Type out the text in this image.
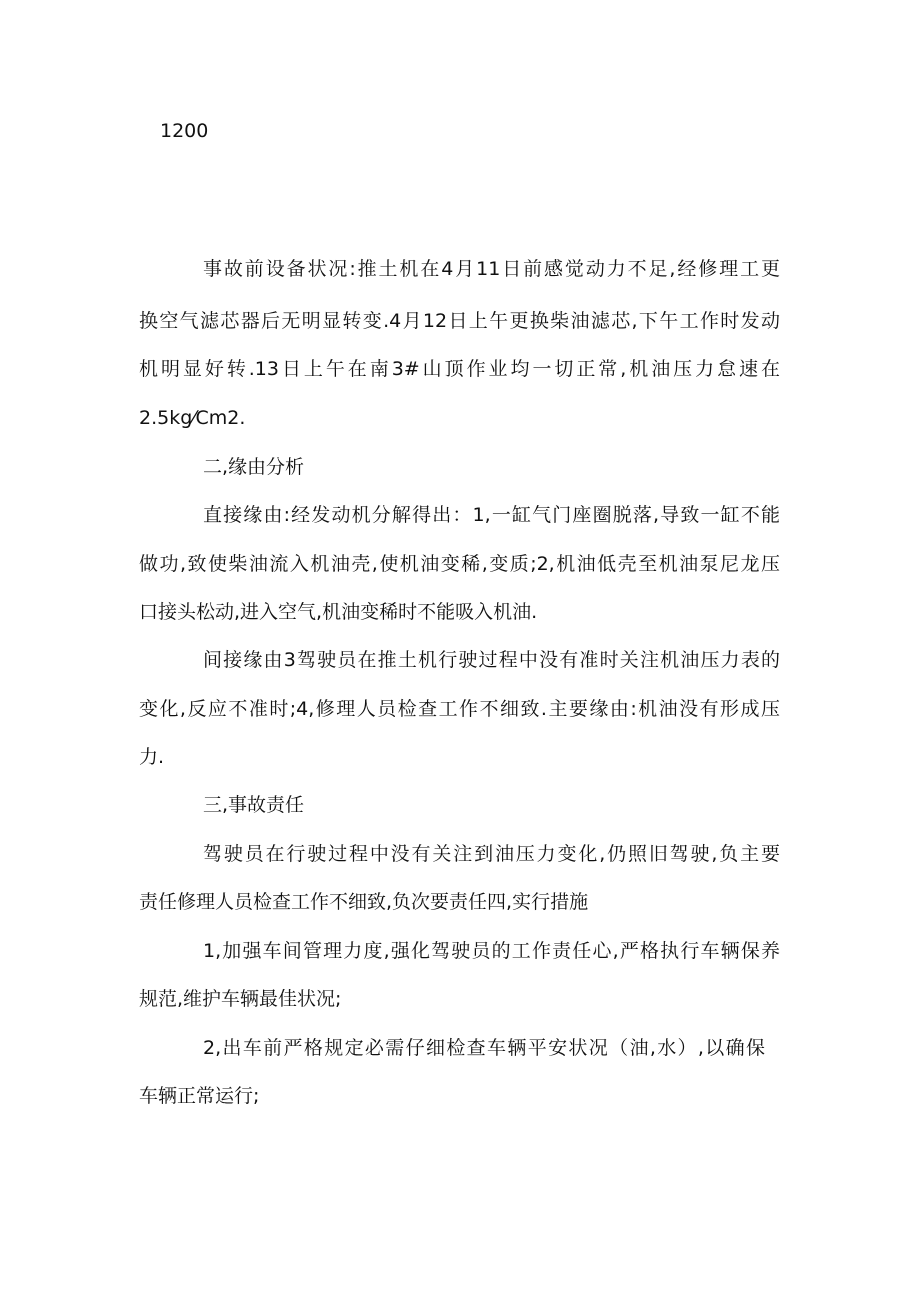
1200
事故前设备状况:推土机在4月11日前感觉动力不足,经修理工更
换空气滤芯器后无明显转变.4月12日上午更换柴油滤芯,下午工作时发动
机明显好转.13日上午在南3#山顶作业均一切正常,机油压力怠速在
2.5kg⁄Cm2.
二,缘由分析
直接缘由:经发动机分解得出：1,一缸气门座圈脱落,导致一缸不能
做功,致使柴油流入机油壳,使机油变稀,变质;2,机油低壳至机油泵尼龙压
口接头松动,进入空气,机油变稀时不能吸入机油.
间接缘由3驾驶员在推土机行驶过程中没有准时关注机油压力表的
变化,反应不准时;4,修理人员检查工作不细致.主要缘由:机油没有形成压
力.
三,事故责任
驾驶员在行驶过程中没有关注到油压力变化,仍照旧驾驶,负主要
责任修理人员检查工作不细致,负次要责任四,实行措施
1,加强车间管理力度,强化驾驶员的工作责任心,严格执行车辆保养
规范,维护车辆最佳状况;
2,出车前严格规定必需仔细检查车辆平安状况（油,水）,以确保
车辆正常运行;
